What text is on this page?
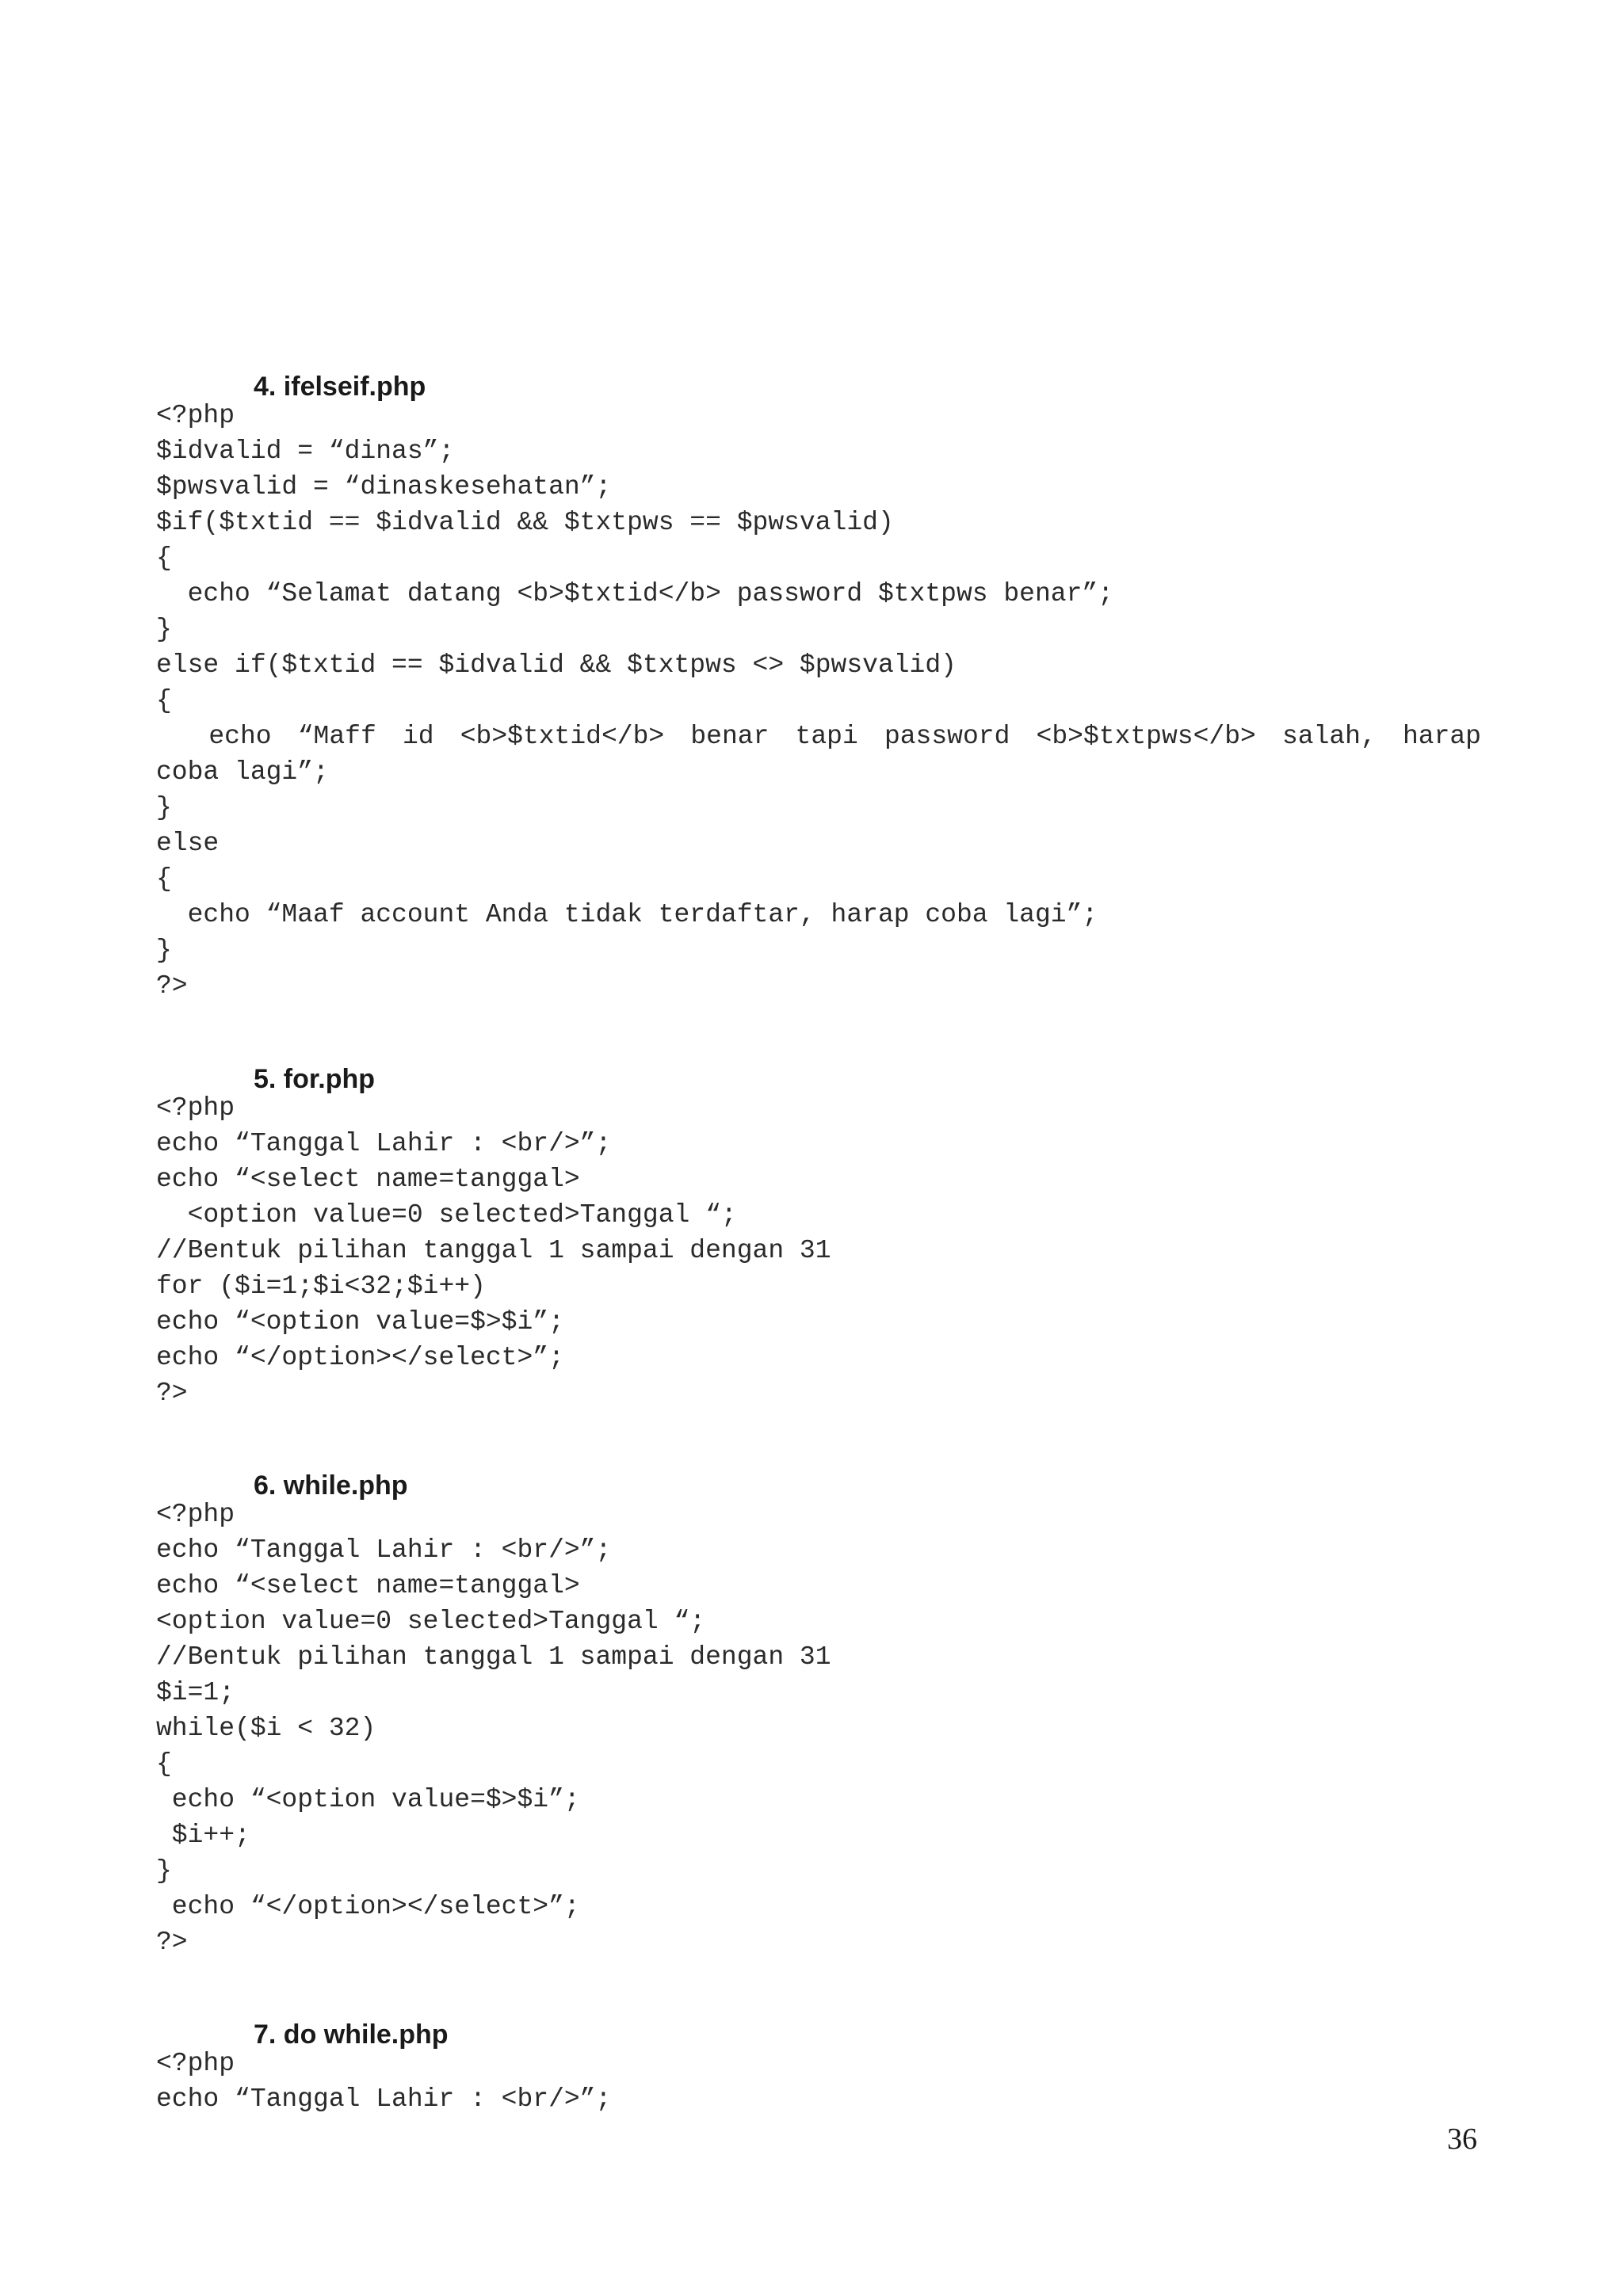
4. ifelseif.php
<?php
$idvalid = “dinas”;
$pwsvalid = “dinaskesehatan”;
$if($txtid == $idvalid && $txtpws == $pwsvalid)
{
echo “Selamat datang <b>$txtid</b> password $txtpws benar”;
}
else if($txtid == $idvalid && $txtpws <> $pwsvalid)
{
echo “Maff id <b>$txtid</b> benar tapi password <b>$txtpws</b> salah, harap
coba lagi”;
}
else
{
echo “Maaf account Anda tidak terdaftar, harap coba lagi”;
}
?>
5. for.php
<?php
echo “Tanggal Lahir : <br/>”;
echo “<select name=tanggal>
<option value=0 selected>Tanggal “;
//Bentuk pilihan tanggal 1 sampai dengan 31
for ($i=1;$i<32;$i++)
echo “<option value=$>$i”;
echo “</option></select>”;
?>
6. while.php
<?php
echo “Tanggal Lahir : <br/>”;
echo “<select name=tanggal>
<option value=0 selected>Tanggal “;
//Bentuk pilihan tanggal 1 sampai dengan 31
$i=1;
while($i < 32)
{
echo “<option value=$>$i”;
$i++;
}
echo “</option></select>”;
?>
7. do while.php
<?php
echo “Tanggal Lahir : <br/>”;
36
